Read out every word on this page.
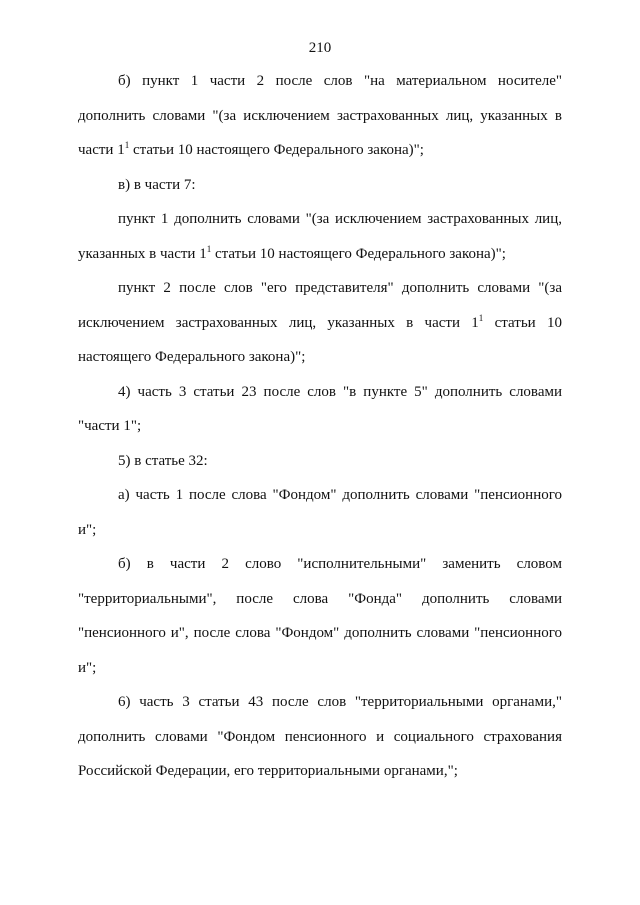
210

б) пункт 1 части 2 после слов "на материальном носителе" дополнить словами "(за исключением застрахованных лиц, указанных в части $1^1$ статьи 10 настоящего Федерального закона)";

в) в части 7:

пункт 1 дополнить словами "(за исключением застрахованных лиц, указанных в части $1^1$ статьи 10 настоящего Федерального закона)";

пункт 2 после слов "его представителя" дополнить словами "(за исключением застрахованных лиц, указанных в части $1^1$ статьи 10 настоящего Федерального закона)";

4) часть 3 статьи 23 после слов "в пункте 5" дополнить словами "части 1";

5) в статье 32:

а) часть 1 после слова "Фондом" дополнить словами "пенсионного и";

б) в части 2 слово "исполнительными" заменить словом "территориальными", после слова "Фонда" дополнить словами "пенсионного и", после слова "Фондом" дополнить словами "пенсионного и";

6) часть 3 статьи 43 после слов "территориальными органами," дополнить словами "Фондом пенсионного и социального страхования Российской Федерации, его территориальными органами,";
